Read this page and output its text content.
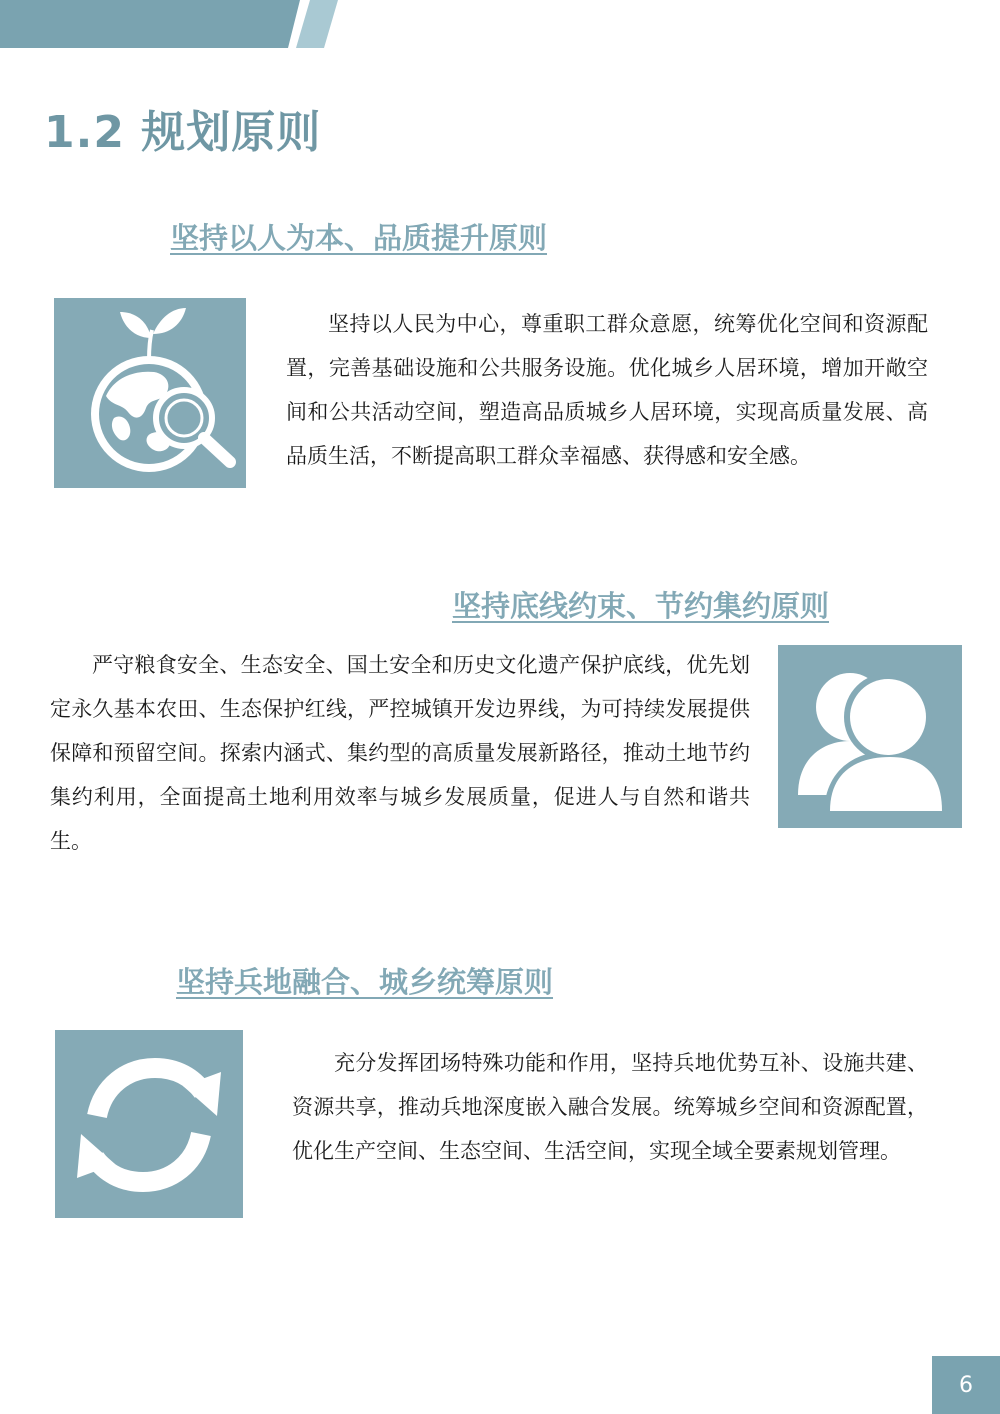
1.2 规划原则
坚持以人为本、品质提升原则

坚持以人民为中心，尊重职工群众意愿，统筹优化空间和资源配置，完善基础设施和公共服务设施。优化城乡人居环境，增加开敞空间和公共活动空间，塑造高品质城乡人居环境，实现高质量发展、高品质生活，不断提高职工群众幸福感、获得感和安全感。

坚持底线约束、节约集约原则

严守粮食安全、生态安全、国土安全和历史文化遗产保护底线，优先划定永久基本农田、生态保护红线，严控城镇开发边界线，为可持续发展提供保障和预留空间。探索内涵式、集约型的高质量发展新路径，推动土地节约集约利用，全面提高土地利用效率与城乡发展质量，促进人与自然和谐共生。

坚持兵地融合、城乡统筹原则

充分发挥团场特殊功能和作用，坚持兵地优势互补、设施共建、资源共享，推动兵地深度嵌入融合发展。统筹城乡空间和资源配置，优化生产空间、生态空间、生活空间，实现全域全要素规划管理。

6
